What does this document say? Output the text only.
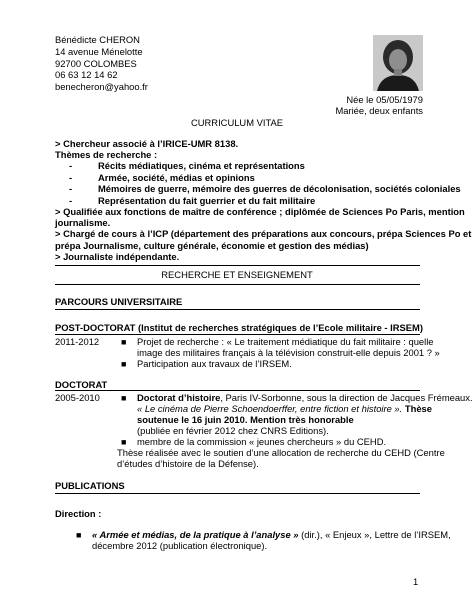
Bénédicte CHERON
14 avenue Ménelotte
92700 COLOMBES
06 63 12 14 62
benecheron@yahoo.fr
Née le 05/05/1979
Mariée, deux enfants
CURRICULUM VITAE
> Chercheur associé à l’IRICE-UMR 8138.
Thèmes de recherche :
-	Récits médiatiques, cinéma et représentations
-	Armée, société, médias et opinions
-	Mémoires de guerre, mémoire des guerres de décolonisation, sociétés coloniales
-	Représentation du fait guerrier et du fait militaire
> Qualifiée aux fonctions de maître de conférence ; diplômée de Sciences Po Paris, mention
journalisme.
> Chargé de cours à l’ICP (département des préparations aux concours, prépa Sciences Po et
prépa Journalisme, culture générale, économie et gestion des médias)
> Journaliste indépendante.
RECHERCHE ET ENSEIGNEMENT
PARCOURS UNIVERSITAIRE
POST-DOCTORAT (Institut de recherches stratégiques de l’Ecole militaire - IRSEM)
2011-2012 ■ Projet de recherche : « Le traitement médiatique du fait militaire : quelle
image des militaires français à la télévision construit-elle depuis 2001 ? »
■ Participation aux travaux de l’IRSEM.
DOCTORAT
2005-2010 ■ Doctorat d’histoire, Paris IV-Sorbonne, sous la direction de Jacques Frémeaux.
« Le cinéma de Pierre Schoendoerffer, entre fiction et histoire ». Thèse
soutenue le 16 juin 2010. Mention très honorable
(publiée en février 2012 chez CNRS Editions).
■ membre de la commission « jeunes chercheurs » du CEHD.
Thèse réalisée avec le soutien d’une allocation de recherche du CEHD (Centre
d’études d’histoire de la Défense).
PUBLICATIONS
Direction :
■ « Armée et médias, de la pratique à l’analyse » (dir.), « Enjeux », Lettre de l’IRSEM,
décembre 2012 (publication électronique).
1
